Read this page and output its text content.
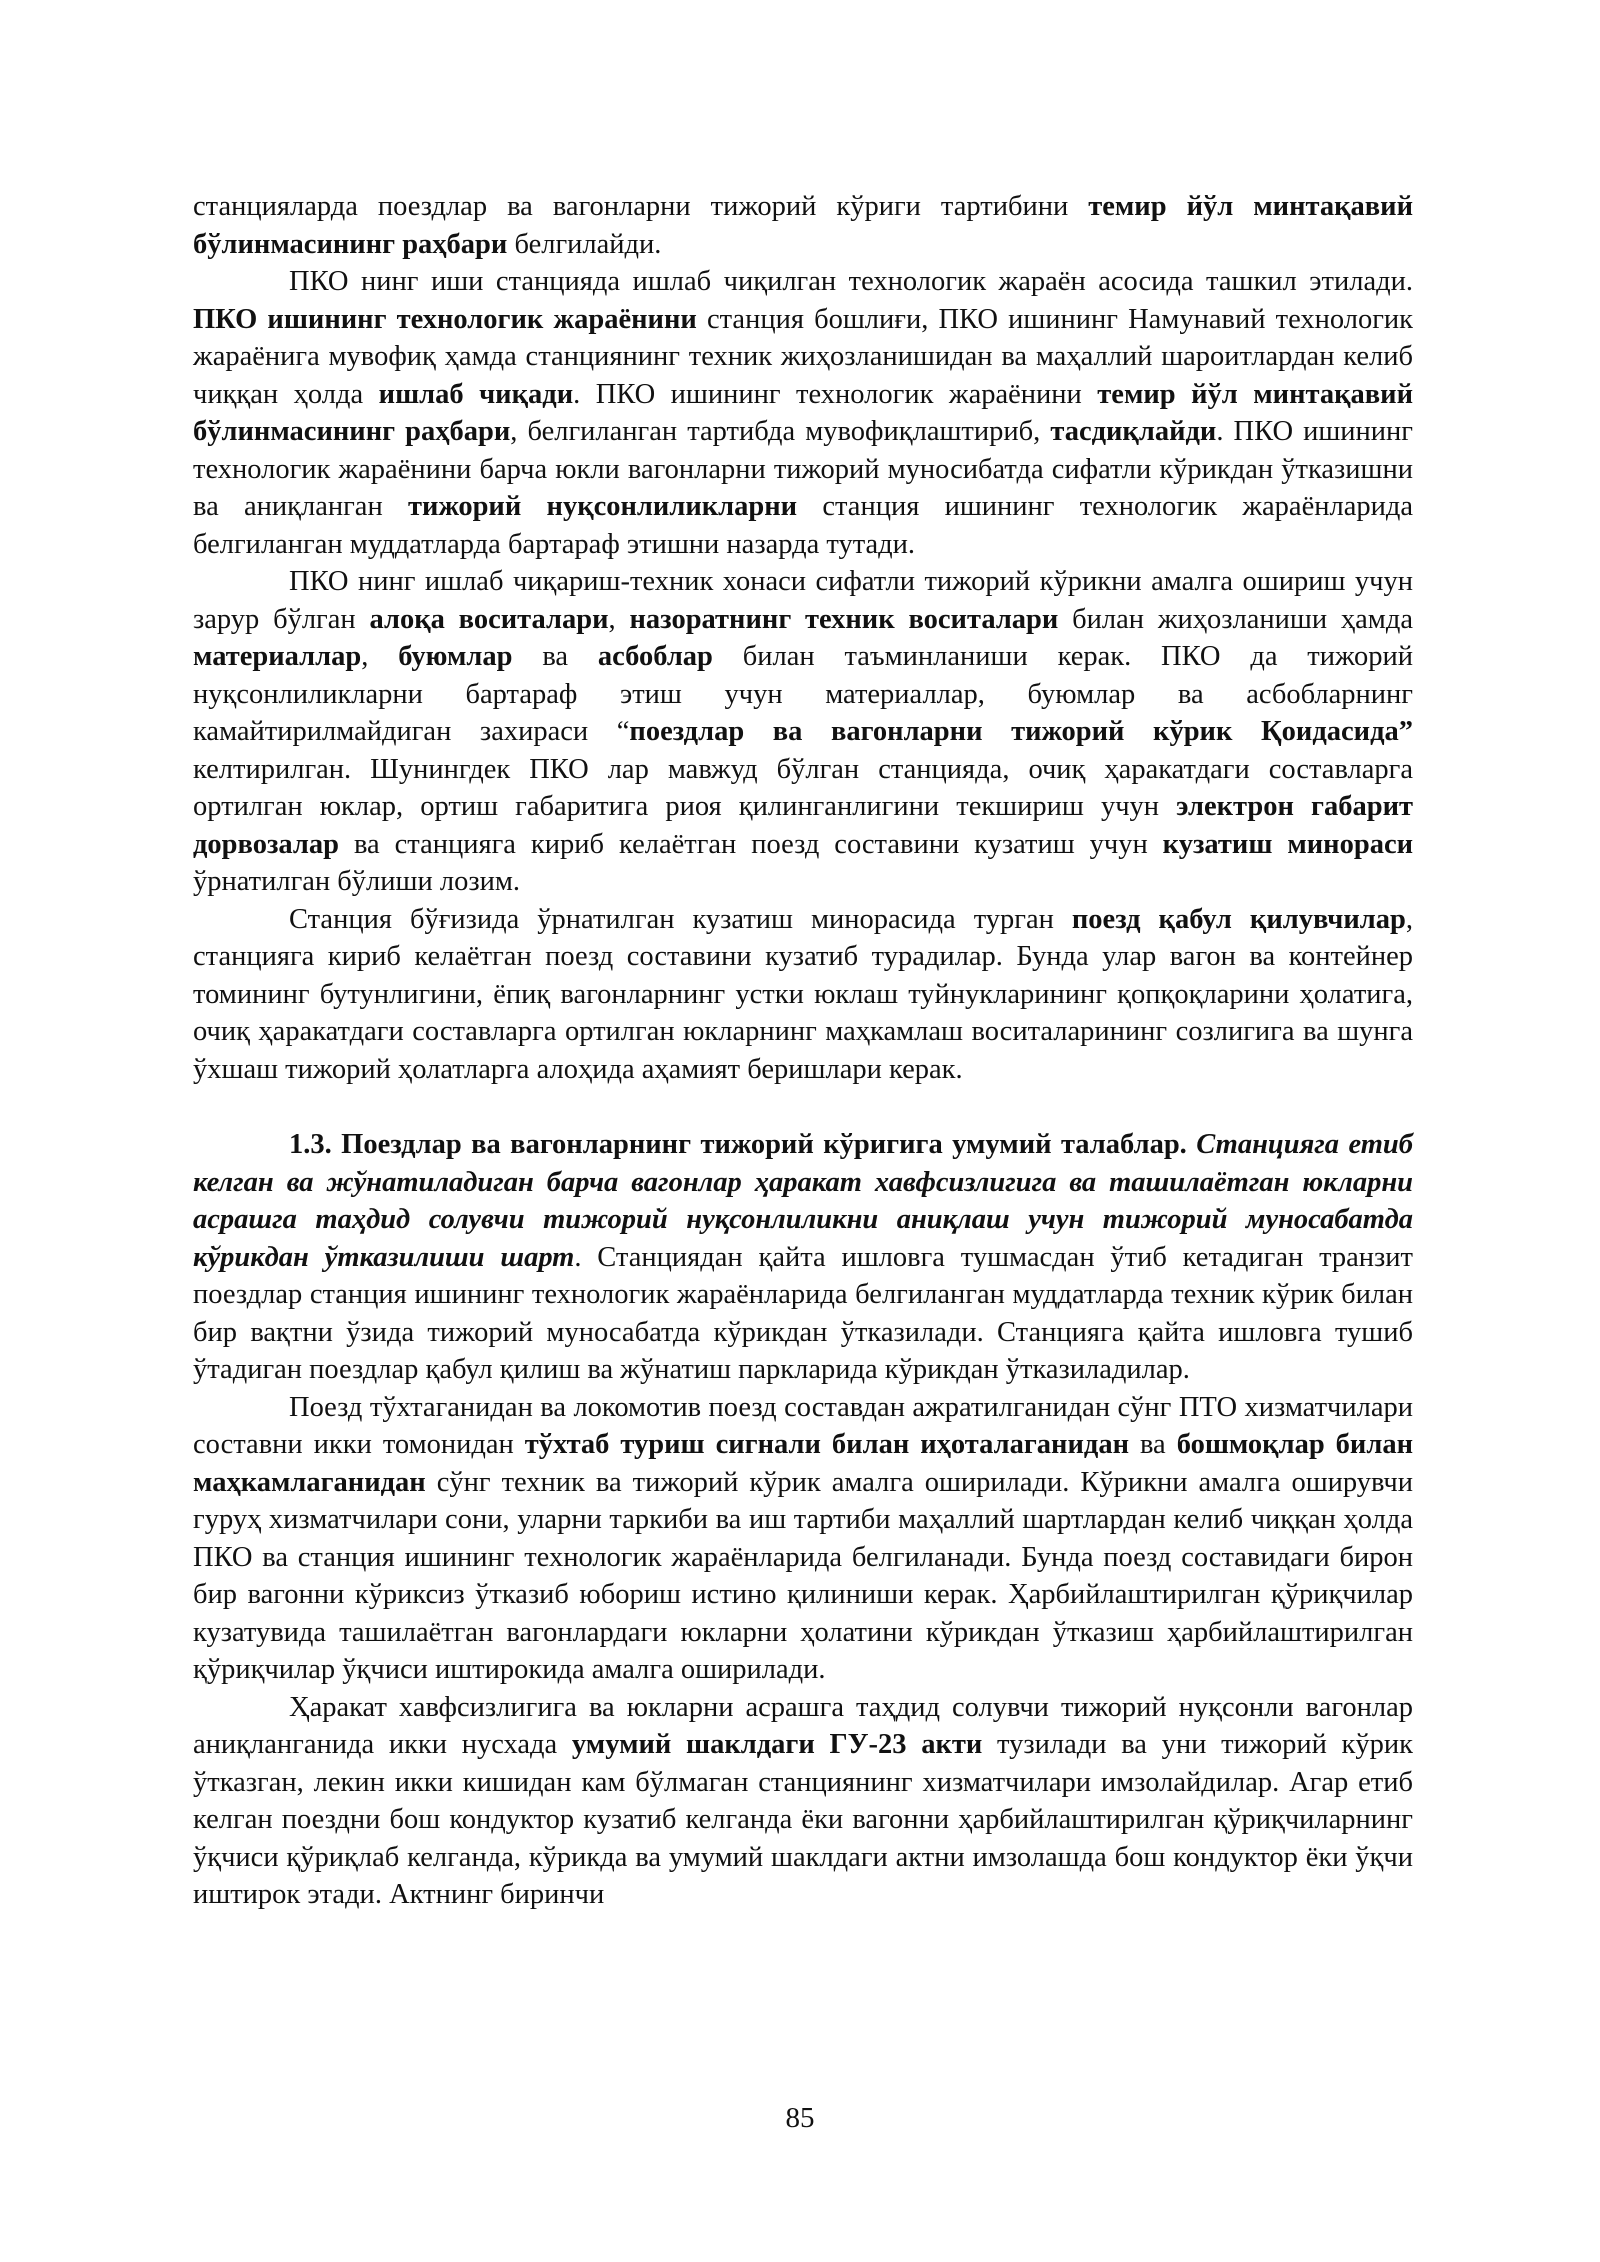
станцияларда поездлар ва вагонларни тижорий кўриги тартибини темир йўл минтақавий бўлинмасининг раҳбари белгилайди.

ПКО нинг иши станцияда ишлаб чиқилган технологик жараён асосида ташкил этилади. ПКО ишининг технологик жараёнини станция бошлиғи, ПКО ишининг Намунавий технологик жараёнига мувофиқ ҳамда станциянинг техник жиҳозланишидан ва маҳаллий шароитлардан келиб чиққан ҳолда ишлаб чиқади. ПКО ишининг технологик жараёнини темир йўл минтақавий бўлинмасининг раҳбари, белгиланган тартибда мувофиқлаштириб, тасдиқлайди. ПКО ишининг технологик жараёнини барча юкли вагонларни тижорий муносибатда сифатли кўрикдан ўтказишни ва аниқланган тижорий нуқсонлиликларни станция ишининг технологик жараёнларида белгиланган муддатларда бартараф этишни назарда тутади.

ПКО нинг ишлаб чиқариш-техник хонаси сифатли тижорий кўрикни амалга ошириш учун зарур бўлган алоқа воситалари, назоратнинг техник воситалари билан жиҳозланиши ҳамда материаллар, буюмлар ва асбоблар билан таъминланиши керак. ПКО да тижорий нуқсонлиликларни бартараф этиш учун материаллар, буюмлар ва асбобларнинг камайтирилмайдиган захираси “поездлар ва вагонларни тижорий кўрик Қоидасида” келтирилган. Шунингдек ПКО лар мавжуд бўлган станцияда, очиқ ҳаракатдаги составларга ортилган юклар, ортиш габаритига риоя қилинганлигини текшириш учун электрон габарит дорвозалар ва станцияга кириб келаётган поезд составини кузатиш учун кузатиш минораси ўрнатилган бўлиши лозим.

Станция бўғизида ўрнатилган кузатиш минорасида турган поезд қабул қилувчилар, станцияга кириб келаётган поезд составини кузатиб турадилар. Бунда улар вагон ва контейнер томининг бутунлигини, ёпиқ вагонларнинг устки юклаш туйнукларининг қопқоқларини ҳолатига, очиқ ҳаракатдаги составларга ортилган юкларнинг маҳкамлаш воситаларининг созлигига ва шунга ўхшаш тижорий ҳолатларга алоҳида аҳамият беришлари керак.

1.3. Поездлар ва вагонларнинг тижорий кўригига умумий талаблар. Станцияга етиб келган ва жўнатиладиган барча вагонлар ҳаракат хавфсизлигига ва ташилаётган юкларни асрашга таҳдид солувчи тижорий нуқсонлиликни аниқлаш учун тижорий муносабатда кўрикдан ўтказилиши шарт. Станциядан қайта ишловга тушмасдан ўтиб кетадиган транзит поездлар станция ишининг технологик жараёнларида белгиланган муддатларда техник кўрик билан бир вақтни ўзида тижорий муносабатда кўрикдан ўтказилади. Станцияга қайта ишловга тушиб ўтадиган поездлар қабул қилиш ва жўнатиш паркларида кўрикдан ўтказиладилар.

Поезд тўхтаганидан ва локомотив поезд составдан ажратилганидан сўнг ПТО хизматчилари составни икки томонидан тўхтаб туриш сигнали билан иҳоталаганидан ва бошмоқлар билан маҳкамлаганидан сўнг техник ва тижорий кўрик амалга оширилади. Кўрикни амалга оширувчи гуруҳ хизматчилари сони, уларни таркиби ва иш тартиби маҳаллий шартлардан келиб чиққан ҳолда ПКО ва станция ишининг технологик жараёнларида белгиланади. Бунда поезд составидаги бирон бир вагонни кўриксиз ўтказиб юбориш истино қилиниши керак. Ҳарбийлаштирилган қўриқчилар кузатувида ташилаётган вагонлардаги юкларни ҳолатини кўрикдан ўтказиш ҳарбийлаштирилган қўриқчилар ўқчиси иштирокида амалга оширилади.

Ҳаракат хавфсизлигига ва юкларни асрашга таҳдид солувчи тижорий нуқсонли вагонлар аниқланганида икки нусхада умумий шаклдаги ГУ-23 акти тузилади ва уни тижорий кўрик ўтказган, лекин икки кишидан кам бўлмаган станциянинг хизматчилари имзолайдилар. Агар етиб келган поездни бош кондуктор кузатиб келганда ёки вагонни ҳарбийлаштирилган қўриқчиларнинг ўқчиси қўриқлаб келганда, кўрикда ва умумий шаклдаги актни имзолашда бош кондуктор ёки ўқчи иштирок этади. Актнинг биринчи

85
